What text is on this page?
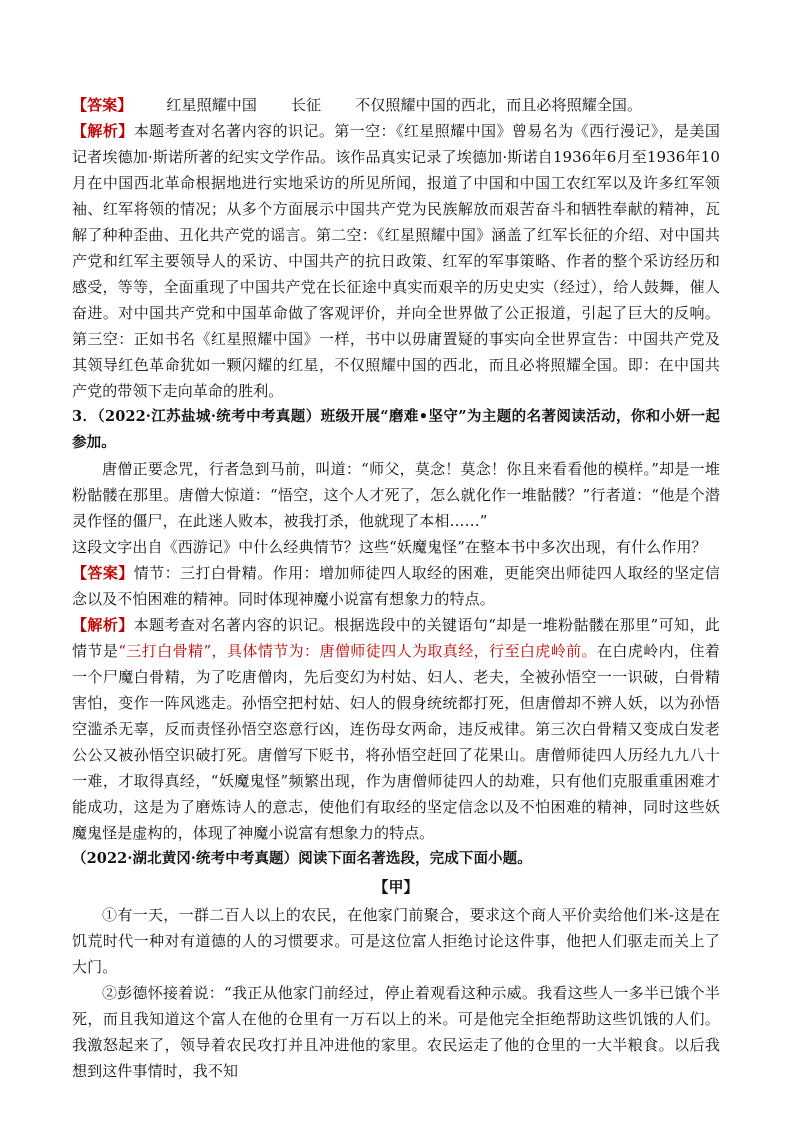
【答案】 红星照耀中国 长征 不仅照耀中国的西北，而且必将照耀全国。

【解析】本题考查对名著内容的识记。第一空：《红星照耀中国》曾易名为《西行漫记》，是美国记者埃德加·斯诺所著的纪实文学作品。该作品真实记录了埃德加·斯诺自1936年6月至1936年10月在中国西北革命根据地进行实地采访的所见所闻，报道了中国和中国工农红军以及许多红军领袖、红军将领的情况；从多个方面展示中国共产党为民族解放而艰苦奋斗和牺牲奉献的精神，瓦解了种种歪曲、丑化共产党的谣言。第二空：《红星照耀中国》涵盖了红军长征的介绍、对中国共产党和红军主要领导人的采访、中国共产的抗日政策、红军的军事策略、作者的整个采访经历和感受，等等，全面重现了中国共产党在长征途中真实而艰辛的历史史实（经过），给人鼓舞，催人奋进。对中国共产党和中国革命做了客观评价，并向全世界做了公正报道，引起了巨大的反响。第三空：正如书名《红星照耀中国》一样，书中以毋庸置疑的事实向全世界宣告：中国共产党及其领导红色革命犹如一颗闪耀的红星，不仅照耀中国的西北，而且必将照耀全国。即：在中国共产党的带领下走向革命的胜利。

3．（2022·江苏盐城·统考中考真题）班级开展“磨难•坚守”为主题的名著阅读活动，你和小妍一起参加。

唐僧正要念咒，行者急到马前，叫道：“师父，莫念！莫念！你且来看看他的模样。”却是一堆粉骷髅在那里。唐僧大惊道：“悟空，这个人才死了，怎么就化作一堆骷髅？”行者道：“他是个潜灵作怪的僵尸，在此迷人败本，被我打杀，他就现了本相……”

这段文字出自《西游记》中什么经典情节？这些“妖魔鬼怪”在整本书中多次出现，有什么作用？

【答案】情节：三打白骨精。作用：增加师徒四人取经的困难，更能突出师徒四人取经的坚定信念以及不怕困难的精神。同时体现神魔小说富有想象力的特点。

【解析】本题考查对名著内容的识记。根据选段中的关键语句“却是一堆粉骷髅在那里”可知，此情节是“三打白骨精”，具体情节为：唐僧师徒四人为取真经，行至白虎岭前。在白虎岭内，住着一个尸魔白骨精，为了吃唐僧肉，先后变幻为村姑、妇人、老夫，全被孙悟空一一识破，白骨精害怕，变作一阵风逃走。孙悟空把村姑、妇人的假身统统都打死，但唐僧却不辨人妖，以为孙悟空滥杀无辜，反而责怪孙悟空恣意行凶，连伤母女两命，违反戒律。第三次白骨精又变成白发老公公又被孙悟空识破打死。唐僧写下贬书，将孙悟空赶回了花果山。唐僧师徒四人历经九九八十一难，才取得真经，“妖魔鬼怪”频繁出现，作为唐僧师徒四人的劫难，只有他们克服重重困难才能成功，这是为了磨炼诗人的意志，使他们有取经的坚定信念以及不怕困难的精神，同时这些妖魔鬼怪是虚构的，体现了神魔小说富有想象力的特点。

（2022·湖北黄冈·统考中考真题）阅读下面名著选段，完成下面小题。

【甲】

①有一天，一群二百人以上的农民，在他家门前聚合，要求这个商人平价卖给他们米-这是在饥荒时代一种对有道德的人的习惯要求。可是这位富人拒绝讨论这件事，他把人们驱走而关上了大门。

②彭德怀接着说：“我正从他家门前经过，停止着观看这种示威。我看这些人一多半已饿个半死，而且我知道这个富人在他的仓里有一万石以上的米。可是他完全拒绝帮助这些饥饿的人们。我激怒起来了，领导着农民攻打并且冲进他的家里。农民运走了他的仓里的一大半粮食。以后我想到这件事情时，我不知
